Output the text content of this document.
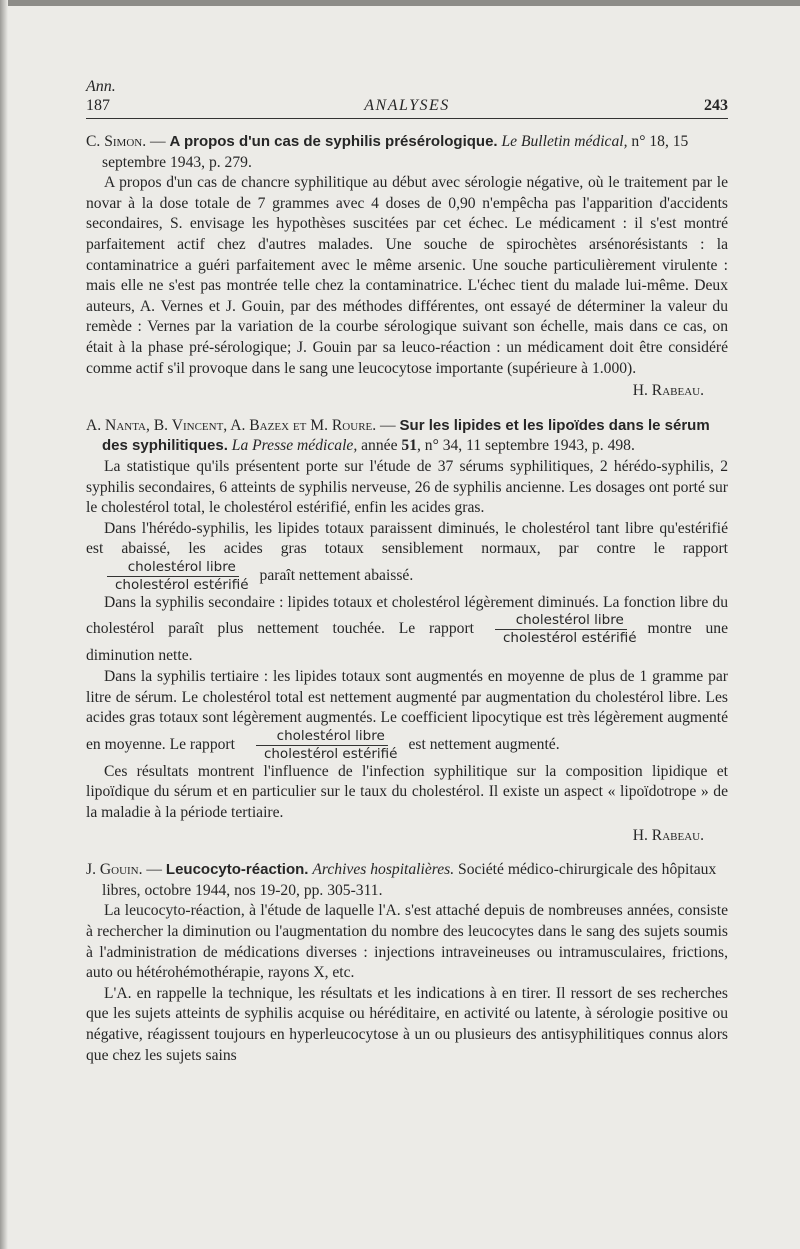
Ann.
187	ANALYSES	243

C. Simon. — A propos d'un cas de syphilis présérologique. Le Bulletin médical, n° 18, 15 septembre 1943, p. 279.

A propos d'un cas de chancre syphilitique au début avec sérologie négative, où le traitement par le novar à la dose totale de 7 grammes avec 4 doses de 0,90 n'empêcha pas l'apparition d'accidents secondaires, S. envisage les hypothèses suscitées par cet échec. Le médicament : il s'est montré parfaitement actif chez d'autres malades. Une souche de spirochètes arsénorésistants : la contaminatrice a guéri parfaitement avec le même arsenic. Une souche particulièrement virulente : mais elle ne s'est pas montrée telle chez la contaminatrice. L'échec tient du malade lui-même. Deux auteurs, A. Vernes et J. Gouin, par des méthodes différentes, ont essayé de déterminer la valeur du remède : Vernes par la variation de la courbe sérologique suivant son échelle, mais dans ce cas, on était à la phase pré-sérologique; J. Gouin par sa leuco-réaction : un médicament doit être considéré comme actif s'il provoque dans le sang une leucocytose importante (supérieure à 1.000).

H. Rabeau.

A. Nanta, B. Vincent, A. Bazex et M. Roure. — Sur les lipides et les lipoïdes dans le sérum des syphilitiques. La Presse médicale, année 51, n° 34, 11 septembre 1943, p. 498.

La statistique qu'ils présentent porte sur l'étude de 37 sérums syphilitiques, 2 hérédo-syphilis, 2 syphilis secondaires, 6 atteints de syphilis nerveuse, 26 de syphilis ancienne. Les dosages ont porté sur le cholestérol total, le cholestérol estérifié, enfin les acides gras.

Dans l'hérédo-syphilis, les lipides totaux paraissent diminués, le cholestérol tant libre qu'estérifié est abaissé, les acides gras totaux sensiblement normaux, par contre le rapport
$\frac{\text{cholestérol libre}}{\text{cholestérol estérifié}}$ paraît nettement abaissé.

Dans la syphilis secondaire : lipides totaux et cholestérol légèrement diminués. La fonction libre du cholestérol paraît plus nettement touchée. Le rapport $\frac{\text{cholestérol libre}}{\text{cholestérol estérifié}}$ montre une diminution nette.

Dans la syphilis tertiaire : les lipides totaux sont augmentés en moyenne de plus de 1 gramme par litre de sérum. Le cholestérol total est nettement augmenté par augmentation du cholestérol libre. Les acides gras totaux sont légèrement augmentés. Le coefficient lipocytique est très légèrement augmenté en moyenne. Le rapport $\frac{\text{cholestérol libre}}{\text{cholestérol estérifié}}$ est nettement augmenté.

Ces résultats montrent l'influence de l'infection syphilitique sur la composition lipidique et lipoïdique du sérum et en particulier sur le taux du cholestérol. Il existe un aspect « lipoïdotrope » de la maladie à la période tertiaire.

H. Rabeau.

J. Gouin. — Leucocyto-réaction. Archives hospitalières. Société médico-chirurgicale des hôpitaux libres, octobre 1944, nos 19-20, pp. 305-311.

La leucocyto-réaction, à l'étude de laquelle l'A. s'est attaché depuis de nombreuses années, consiste à rechercher la diminution ou l'augmentation du nombre des leucocytes dans le sang des sujets soumis à l'administration de médications diverses : injections intraveineuses ou intramusculaires, frictions, auto ou hétérohémothérapie, rayons X, etc.

L'A. en rappelle la technique, les résultats et les indications à en tirer. Il ressort de ses recherches que les sujets atteints de syphilis acquise ou héréditaire, en activité ou latente, à sérologie positive ou négative, réagissent toujours en hyperleucocytose à un ou plusieurs des antisyphilitiques connus alors que chez les sujets sains
